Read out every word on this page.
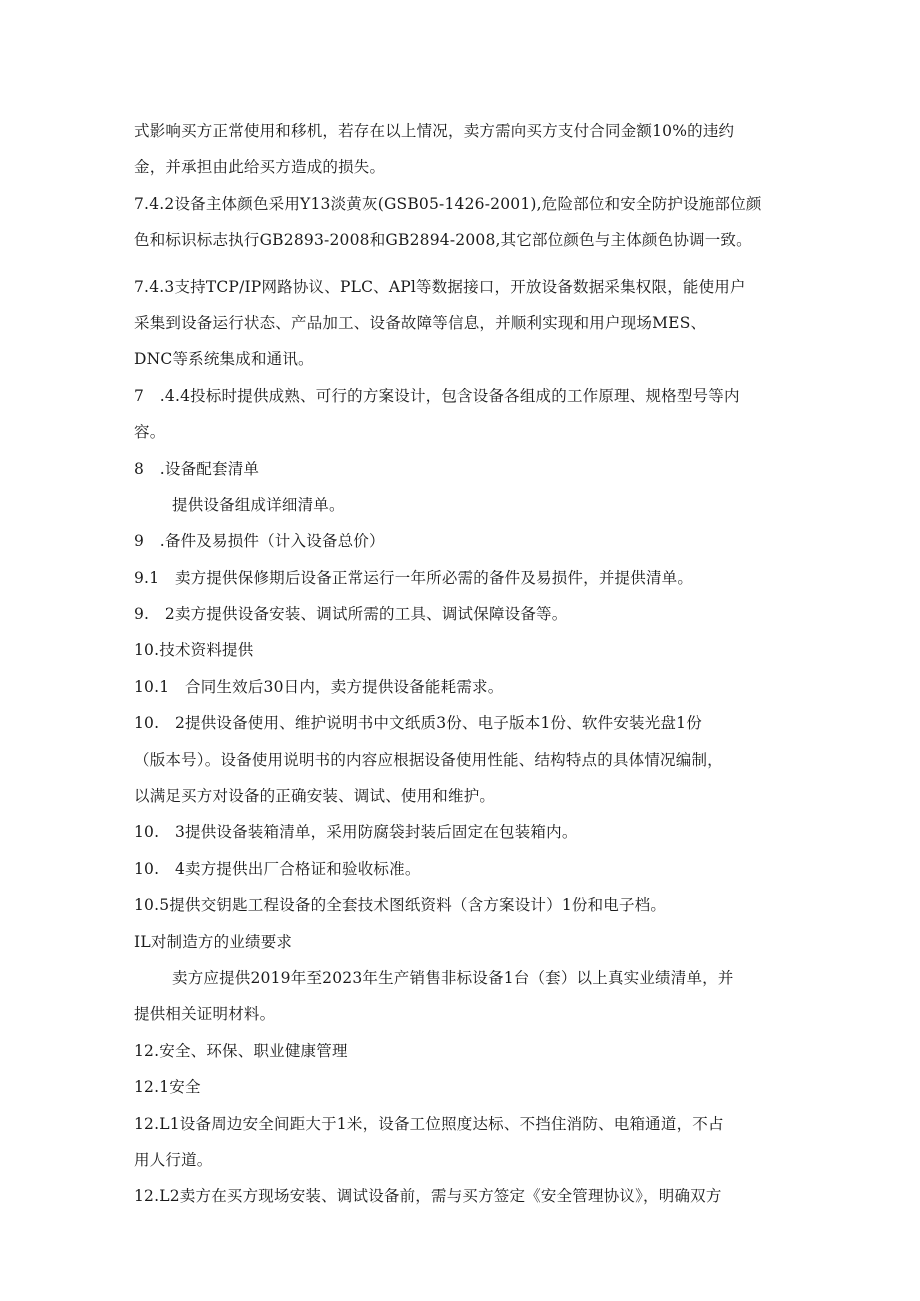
式影响买方正常使用和移机，若存在以上情况，卖方需向买方支付合同金额10%的违约
金，并承担由此给买方造成的损失。
7.4.2设备主体颜色采用Y13淡黄灰(GSB05-1426-2001),危险部位和安全防护设施部位颜
色和标识标志执行GB2893-2008和GB2894-2008,其它部位颜色与主体颜色协调一致。
7.4.3支持TCP/IP网路协议、PLC、APl等数据接口，开放设备数据采集权限，能使用户
采集到设备运行状态、产品加工、设备故障等信息，并顺利实现和用户现场MES、
DNC等系统集成和通讯。
7　.4.4投标时提供成熟、可行的方案设计，包含设备各组成的工作原理、规格型号等内
容。
8　.设备配套清单
提供设备组成详细清单。
9　.备件及易损件（计入设备总价）
9.1　卖方提供保修期后设备正常运行一年所必需的备件及易损件，并提供清单。
9.　2卖方提供设备安装、调试所需的工具、调试保障设备等。
10.技术资料提供
10.1　合同生效后30日内，卖方提供设备能耗需求。
10.　2提供设备使用、维护说明书中文纸质3份、电子版本1份、软件安装光盘1份
（版本号）。设备使用说明书的内容应根据设备使用性能、结构特点的具体情况编制，
以满足买方对设备的正确安装、调试、使用和维护。
10.　3提供设备装箱清单，采用防腐袋封装后固定在包装箱内。
10.　4卖方提供出厂合格证和验收标准。
10.5提供交钥匙工程设备的全套技术图纸资料（含方案设计）1份和电子档。
IL对制造方的业绩要求
卖方应提供2019年至2023年生产销售非标设备1台（套）以上真实业绩清单，并
提供相关证明材料。
12.安全、环保、职业健康管理
12.1安全
12.L1设备周边安全间距大于1米，设备工位照度达标、不挡住消防、电箱通道，不占
用人行道。
12.L2卖方在买方现场安装、调试设备前，需与买方签定《安全管理协议》，明确双方
